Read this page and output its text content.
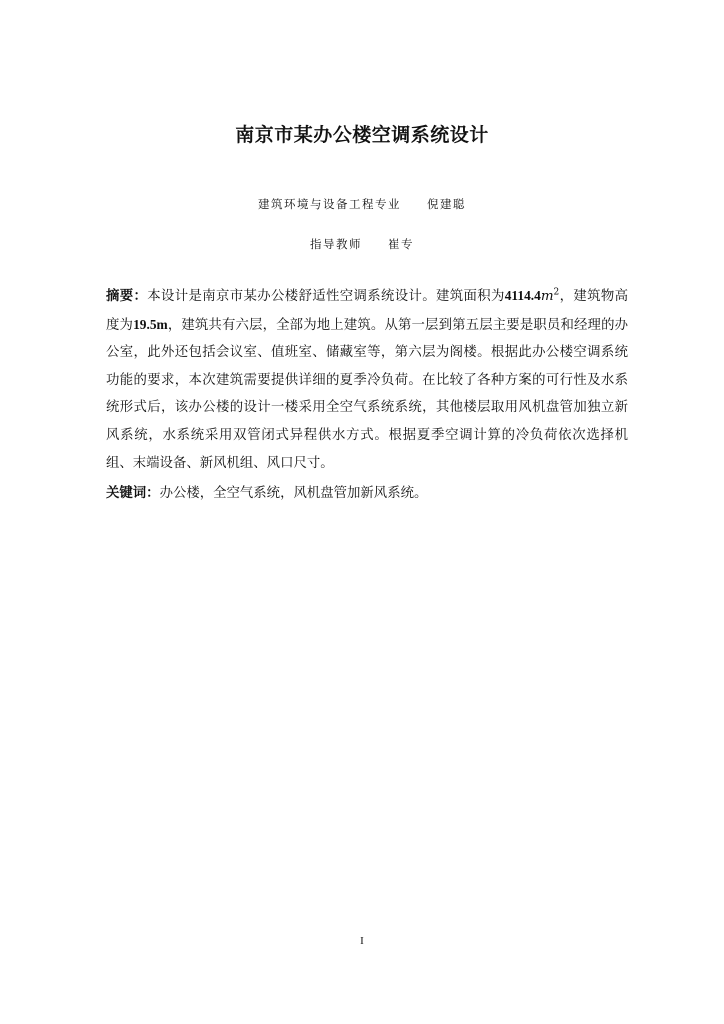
南京市某办公楼空调系统设计
建筑环境与设备工程专业 倪建聪
指导教师 崔专
摘要：本设计是南京市某办公楼舒适性空调系统设计。建筑面积为$4114.4m^2$，建筑物高度为19.5m，建筑共有六层，全部为地上建筑。从第一层到第五层主要是职员和经理的办公室，此外还包括会议室、值班室、储藏室等，第六层为阁楼。根据此办公楼空调系统功能的要求，本次建筑需要提供详细的夏季冷负荷。在比较了各种方案的可行性及水系统形式后，该办公楼的设计一楼采用全空气系统系统，其他楼层取用风机盘管加独立新风系统，水系统采用双管闭式异程供水方式。根据夏季空调计算的冷负荷依次选择机组、末端设备、新风机组、风口尺寸。
关键词：办公楼，全空气系统，风机盘管加新风系统。
I
